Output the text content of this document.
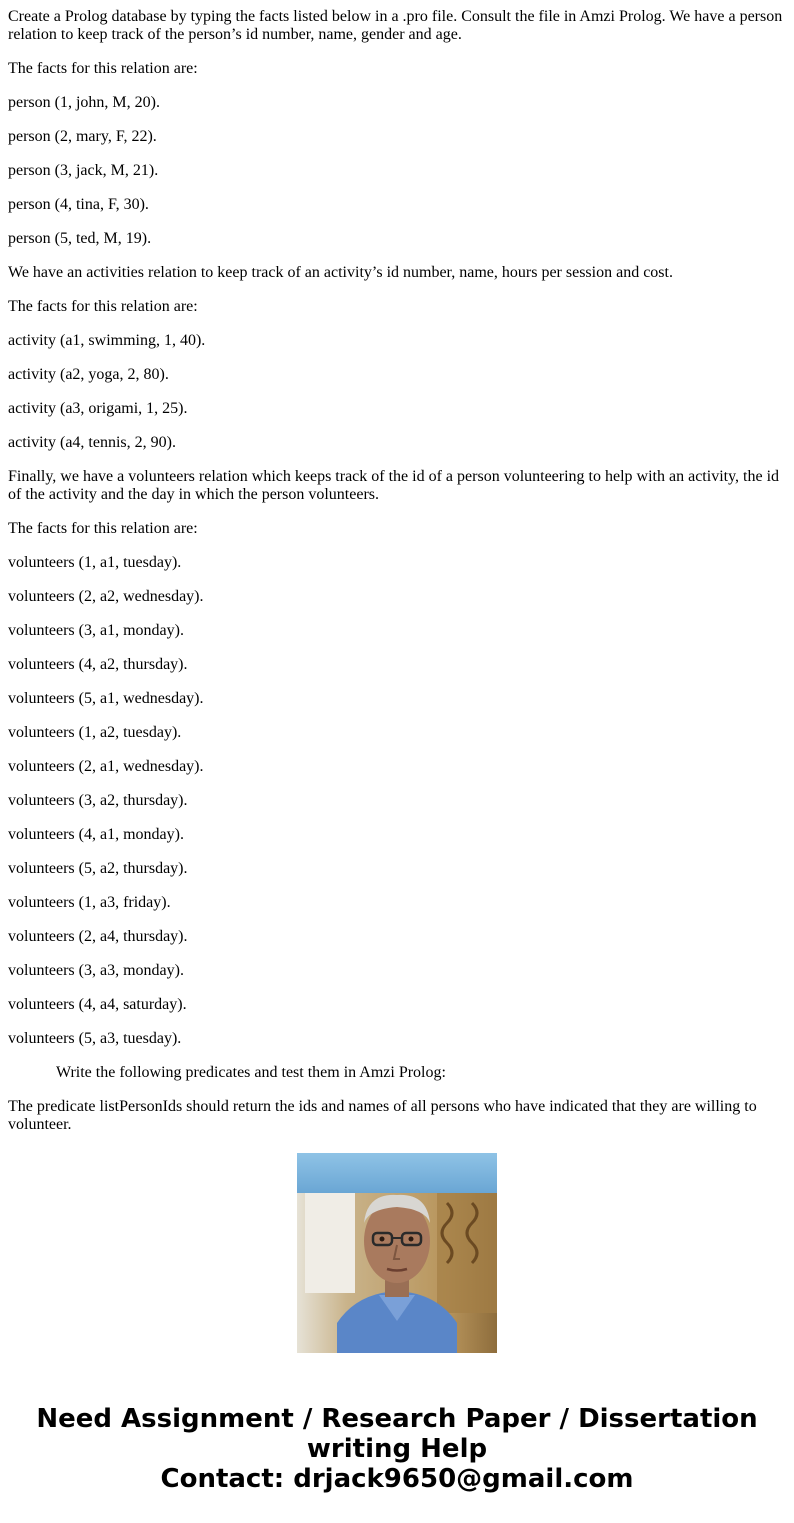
Create a Prolog database by typing the facts listed below in a .pro file. Consult the file in Amzi Prolog. We have a person relation to keep track of the person’s id number, name, gender and age.

The facts for this relation are:

person (1, john, M, 20).

person (2, mary, F, 22).

person (3, jack, M, 21).

person (4, tina, F, 30).

person (5, ted, M, 19).

We have an activities relation to keep track of an activity’s id number, name, hours per session and cost.

The facts for this relation are:

activity (a1, swimming, 1, 40).

activity (a2, yoga, 2, 80).

activity (a3, origami, 1, 25).

activity (a4, tennis, 2, 90).

Finally, we have a volunteers relation which keeps track of the id of a person volunteering to help with an activity, the id of the activity and the day in which the person volunteers.

The facts for this relation are:

volunteers (1, a1, tuesday).

volunteers (2, a2, wednesday).

volunteers (3, a1, monday).

volunteers (4, a2, thursday).

volunteers (5, a1, wednesday).

volunteers (1, a2, tuesday).

volunteers (2, a1, wednesday).

volunteers (3, a2, thursday).

volunteers (4, a1, monday).

volunteers (5, a2, thursday).

volunteers (1, a3, friday).

volunteers (2, a4, thursday).

volunteers (3, a3, monday).

volunteers (4, a4, saturday).

volunteers (5, a3, tuesday).

Write the following predicates and test them in Amzi Prolog:

The predicate listPersonIds should return the ids and names of all persons who have indicated that they are willing to volunteer.

Need Assignment / Research Paper / Dissertation
writing Help
Contact: drjack9650@gmail.com
